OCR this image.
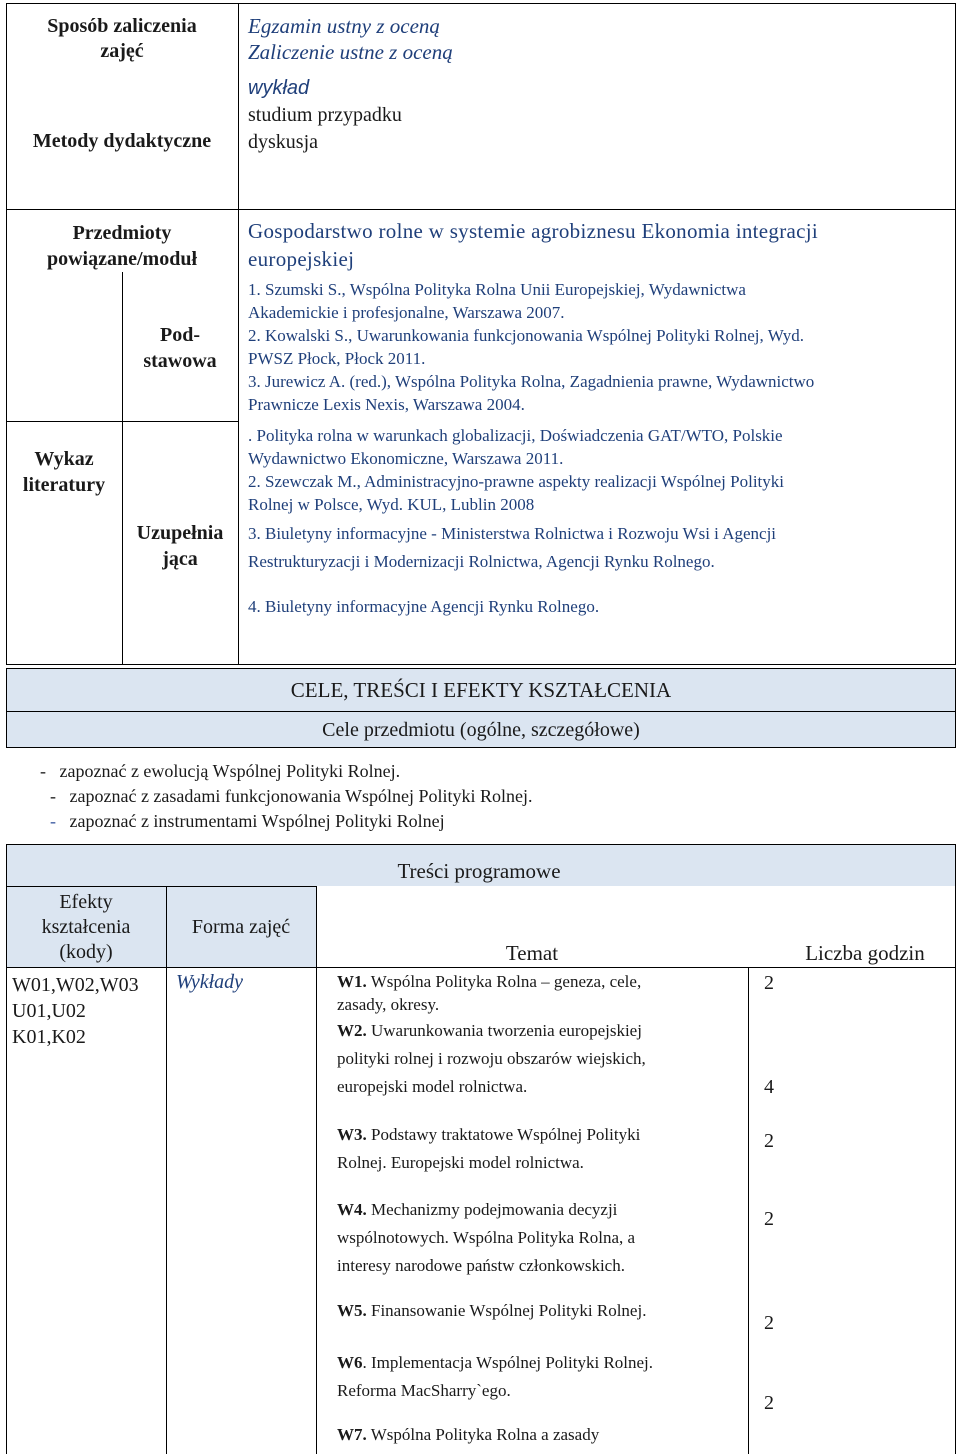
Sposób zaliczenia
zajęć
Egzamin ustny z oceną
Zaliczenie ustne z oceną
Metody dydaktyczne
wykład
studium przypadku
dyskusja
Przedmioty
powiązane/moduł
Gospodarstwo rolne w systemie agrobiznesu Ekonomia integracji
europejskiej
Wykaz
literatury
Pod-
stawowa
Uzupełnia
jąca
1. Szumski S., Wspólna Polityka Rolna Unii Europejskiej, Wydawnictwa
Akademickie i profesjonalne, Warszawa 2007.
2. Kowalski S., Uwarunkowania funkcjonowania Wspólnej Polityki Rolnej, Wyd.
PWSZ Płock, Płock 2011.
3. Jurewicz A. (red.), Wspólna Polityka Rolna, Zagadnienia prawne, Wydawnictwo
Prawnicze Lexis Nexis, Warszawa 2004.
. Polityka rolna w warunkach globalizacji, Doświadczenia GAT/WTO, Polskie
Wydawnictwo Ekonomiczne, Warszawa 2011.
2. Szewczak M., Administracyjno-prawne aspekty realizacji Wspólnej Polityki
Rolnej w Polsce, Wyd. KUL, Lublin 2008
3. Biuletyny informacyjne - Ministerstwa Rolnictwa i Rozwoju Wsi i Agencji
Restrukturyzacji i Modernizacji Rolnictwa, Agencji Rynku Rolnego.
4. Biuletyny informacyjne Agencji Rynku Rolnego.
CELE, TREŚCI I EFEKTY KSZTAŁCENIA
Cele przedmiotu (ogólne, szczegółowe)
-   zapoznać z ewolucją Wspólnej Polityki Rolnej.
-   zapoznać z zasadami funkcjonowania Wspólnej Polityki Rolnej.
-   zapoznać z instrumentami Wspólnej Polityki Rolnej
Treści programowe
Efekty
kształcenia
(kody)
Forma zajęć
Temat	Liczba godzin
W01,W02,W03
U01,U02
K01,K02
Wykłady	W1. Wspólna Polityka Rolna – geneza, cele,
zasady, okresy.
W2. Uwarunkowania tworzenia europejskiej
polityki rolnej i rozwoju obszarów wiejskich,
europejski model rolnictwa.
W3. Podstawy traktatowe Wspólnej Polityki
Rolnej. Europejski model rolnictwa.
W4. Mechanizmy podejmowania decyzji
wspólnotowych. Wspólna Polityka Rolna, a
interesy narodowe państw członkowskich.
W5. Finansowanie Wspólnej Polityki Rolnej.
W6. Implementacja Wspólnej Polityki Rolnej.
Reforma MacSharry`ego.
W7. Wspólna Polityka Rolna a zasady
2
4
2
2
2
2
